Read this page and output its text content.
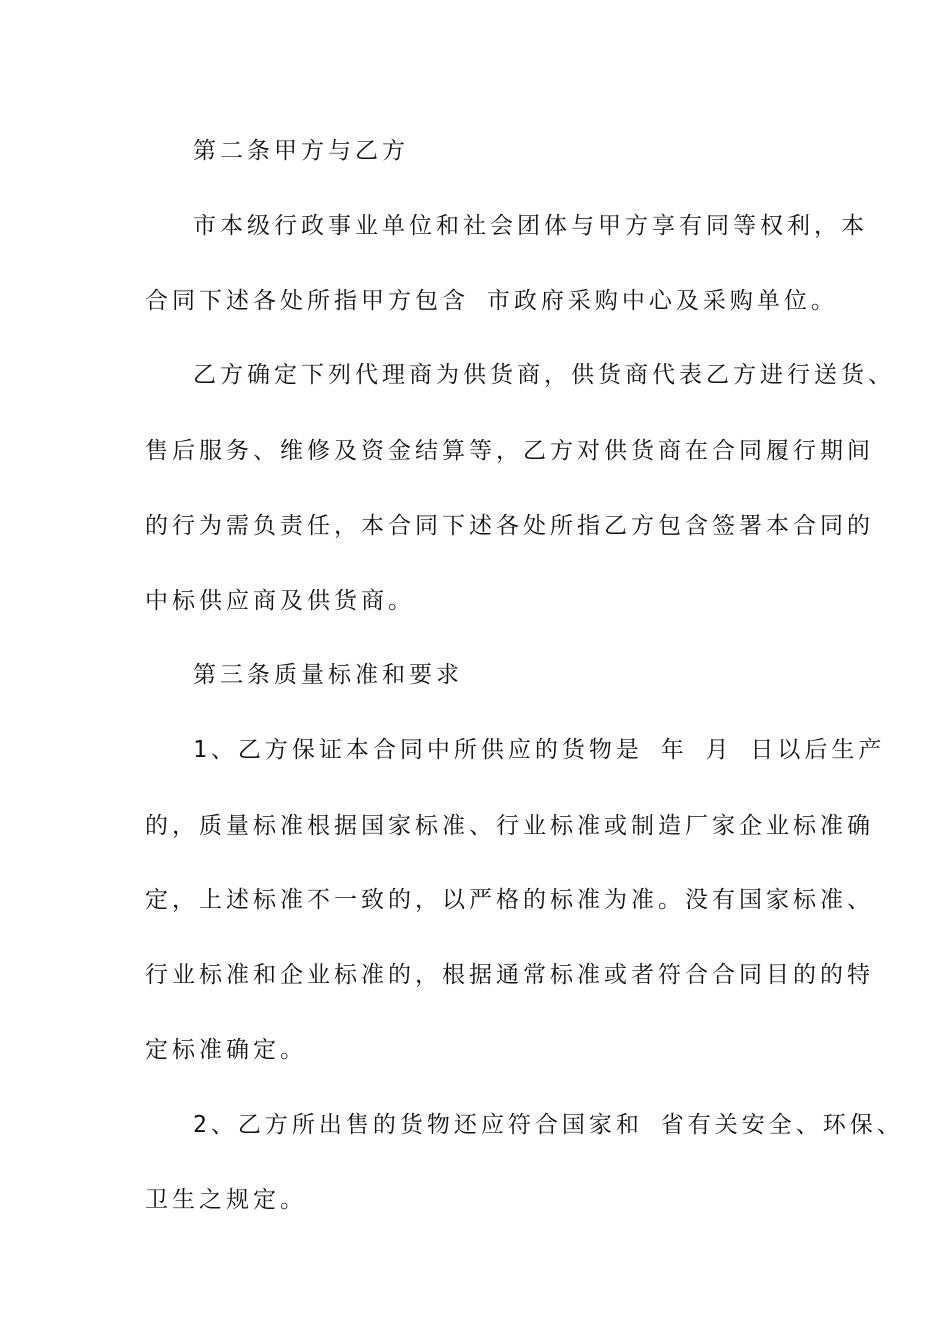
第二条甲方与乙方
市本级行政事业单位和社会团体与甲方享有同等权利，本
合同下述各处所指甲方包含 市政府采购中心及采购单位。
乙方确定下列代理商为供货商，供货商代表乙方进行送货、
售后服务、维修及资金结算等，乙方对供货商在合同履行期间
的行为需负责任，本合同下述各处所指乙方包含签署本合同的
中标供应商及供货商。
第三条质量标准和要求
1、乙方保证本合同中所供应的货物是 年 月 日以后生产
的，质量标准根据国家标准、行业标准或制造厂家企业标准确
定，上述标准不一致的，以严格的标准为准。没有国家标准、
行业标准和企业标准的，根据通常标准或者符合合同目的的特
定标准确定。
2、乙方所出售的货物还应符合国家和 省有关安全、环保、
卫生之规定。
